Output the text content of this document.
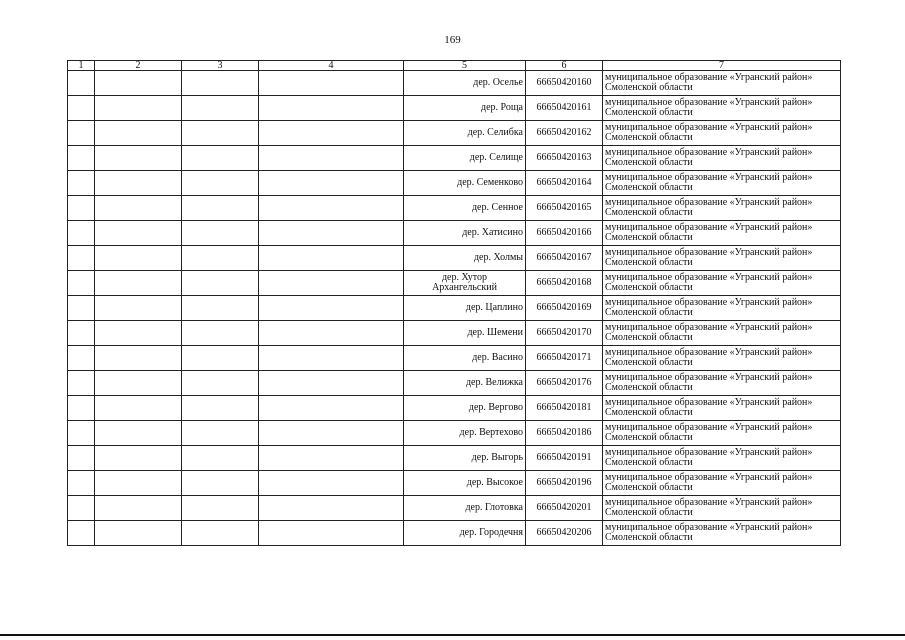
169
1	2	3	4	5	6	7
				дер. Оселье	66650420160	муниципальное образование «Угранский район»
Смоленской области
				дер. Роща	66650420161	муниципальное образование «Угранский район»
Смоленской области
				дер. Селибка	66650420162	муниципальное образование «Угранский район»
Смоленской области
				дер. Селище	66650420163	муниципальное образование «Угранский район»
Смоленской области
				дер. Семенково	66650420164	муниципальное образование «Угранский район»
Смоленской области
				дер. Сенное	66650420165	муниципальное образование «Угранский район»
Смоленской области
				дер. Хатисино	66650420166	муниципальное образование «Угранский район»
Смоленской области
				дер. Холмы	66650420167	муниципальное образование «Угранский район»
Смоленской области
				дер. Хутор
Архангельский	66650420168	муниципальное образование «Угранский район»
Смоленской области
				дер. Цаплино	66650420169	муниципальное образование «Угранский район»
Смоленской области
				дер. Шемени	66650420170	муниципальное образование «Угранский район»
Смоленской области
				дер. Васино	66650420171	муниципальное образование «Угранский район»
Смоленской области
				дер. Велижка	66650420176	муниципальное образование «Угранский район»
Смоленской области
				дер. Вергово	66650420181	муниципальное образование «Угранский район»
Смоленской области
				дер. Вертехово	66650420186	муниципальное образование «Угранский район»
Смоленской области
				дер. Выгорь	66650420191	муниципальное образование «Угранский район»
Смоленской области
				дер. Высокое	66650420196	муниципальное образование «Угранский район»
Смоленской области
				дер. Глотовка	66650420201	муниципальное образование «Угранский район»
Смоленской области
				дер. Городечня	66650420206	муниципальное образование «Угранский район»
Смоленской области
